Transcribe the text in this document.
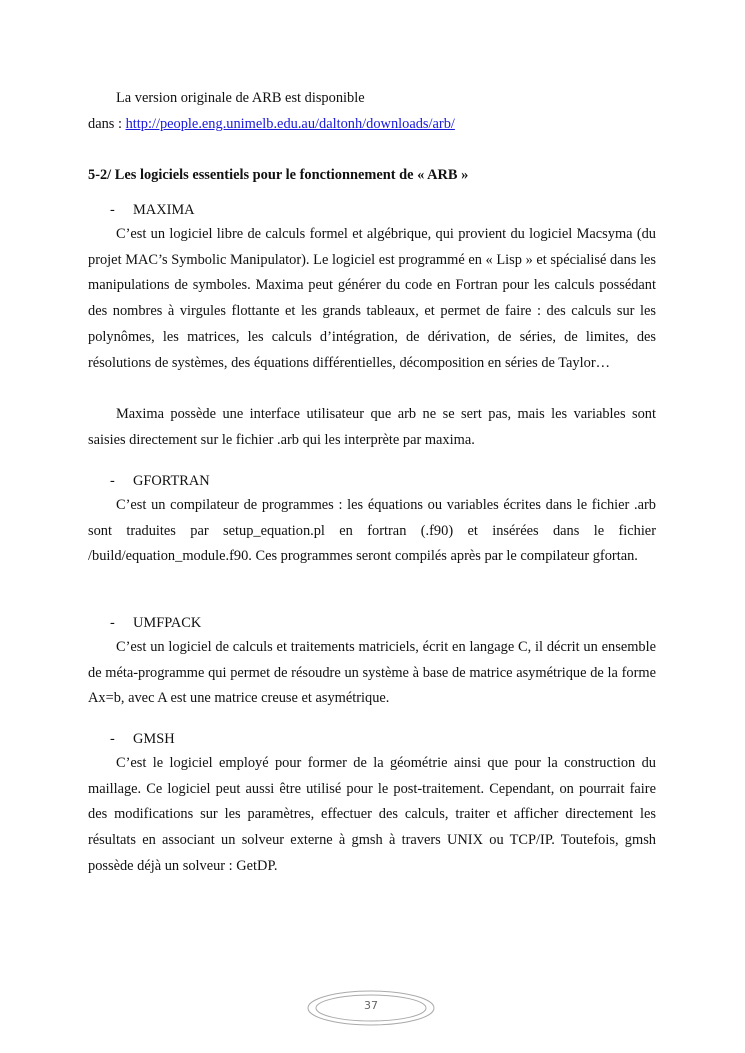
La version originale de ARB est disponible

dans : http://people.eng.unimelb.edu.au/daltonh/downloads/arb/

5-2/ Les logiciels essentiels pour le fonctionnement de « ARB »

- MAXIMA

C’est un logiciel libre de calculs formel et algébrique, qui provient du logiciel Macsyma (du projet MAC’s Symbolic Manipulator). Le logiciel est programmé en « Lisp » et spécialisé dans les manipulations de symboles. Maxima peut générer du code en Fortran pour les calculs possédant des nombres à virgules flottante et les grands tableaux, et permet de faire : des calculs sur les polynômes, les matrices, les calculs d’intégration, de dérivation, de séries, de limites, des résolutions de systèmes, des équations différentielles, décomposition en séries de Taylor…

Maxima possède une interface utilisateur que arb ne se sert pas, mais les variables sont saisies directement sur le fichier .arb qui les interprète par maxima.

- GFORTRAN

C’est un compilateur de programmes : les équations ou variables écrites dans le fichier .arb sont traduites par setup_equation.pl en fortran (.f90) et insérées dans le fichier /build/equation_module.f90. Ces programmes seront compilés après par le compilateur gfortan.

- UMFPACK

C’est un logiciel de calculs et traitements matriciels, écrit en langage C, il décrit un ensemble de méta-programme qui permet de résoudre un système à base de matrice asymétrique de la forme Ax=b, avec A est une matrice creuse et asymétrique.

- GMSH

C’est le logiciel employé pour former de la géométrie ainsi que pour la construction du maillage. Ce logiciel peut aussi être utilisé pour le post-traitement. Cependant, on pourrait faire des modifications sur les paramètres, effectuer des calculs, traiter et afficher directement les résultats en associant un solveur externe à gmsh à travers UNIX ou TCP/IP. Toutefois, gmsh possède déjà un solveur : GetDP.

37
